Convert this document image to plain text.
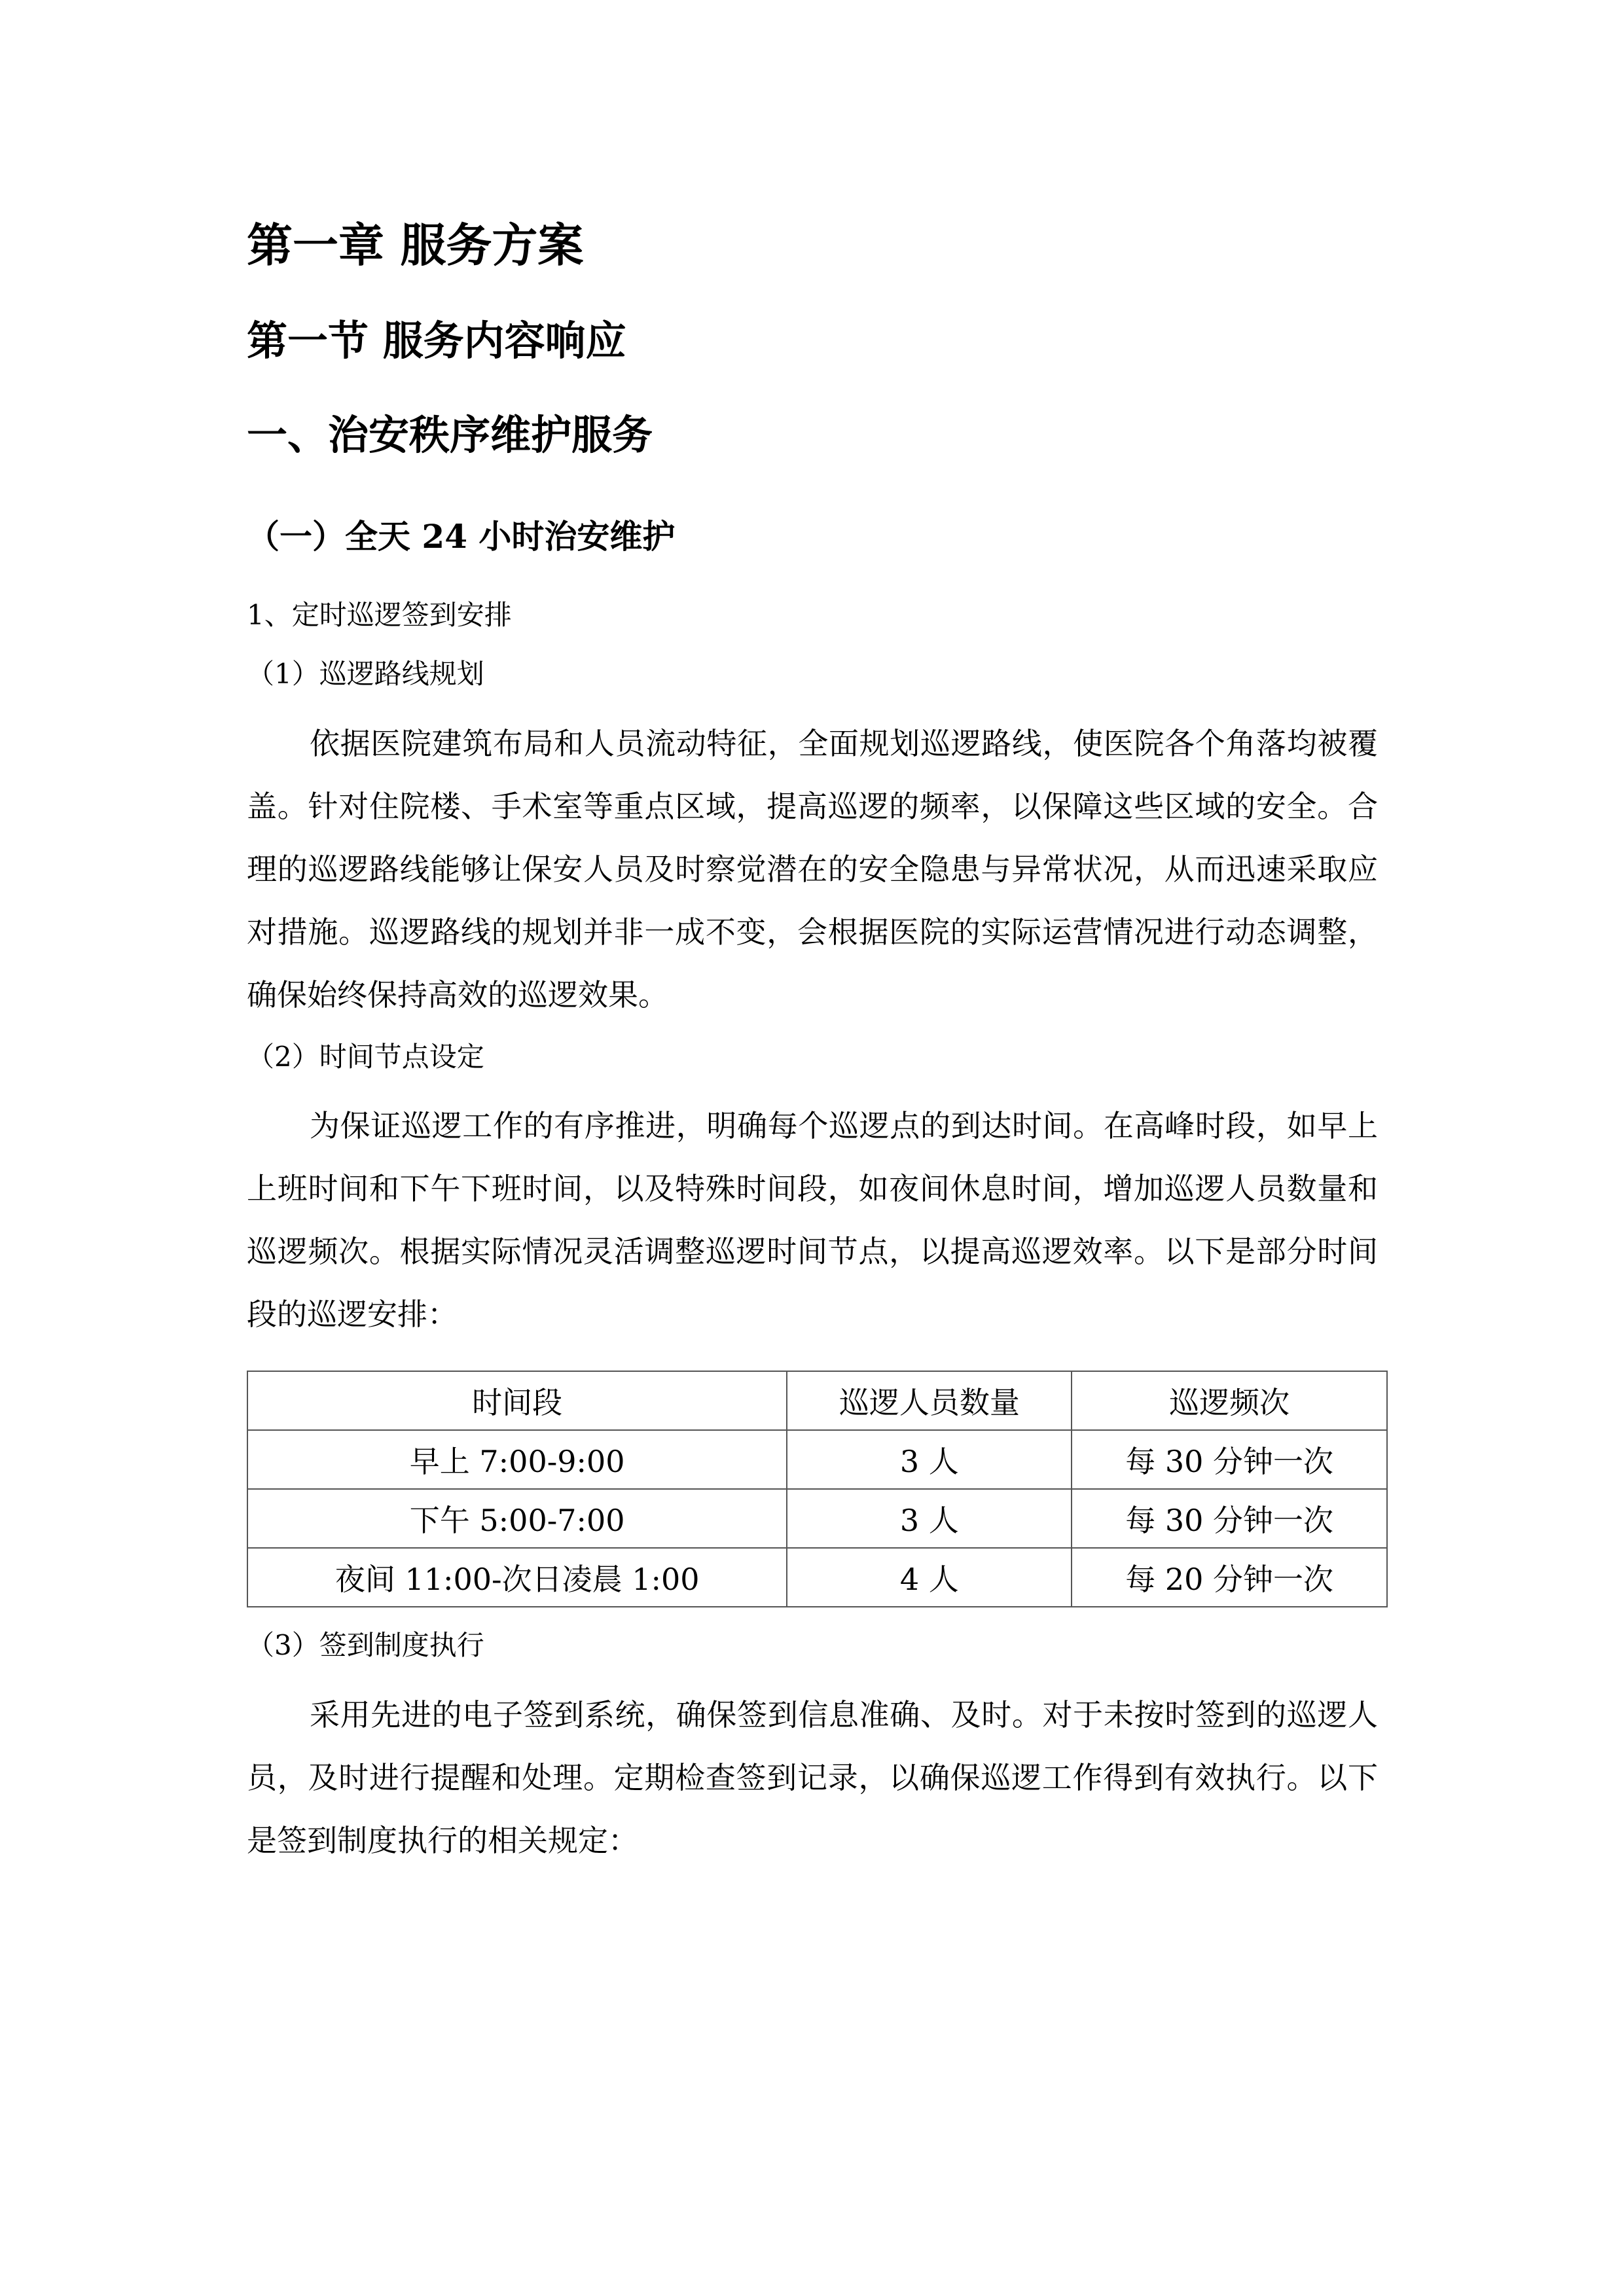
第一章 服务方案
第一节 服务内容响应
一、治安秩序维护服务
（一）全天 24 小时治安维护

1、定时巡逻签到安排

（1）巡逻路线规划

依据医院建筑布局和人员流动特征，全面规划巡逻路线，使医院各个角落均被覆盖。针对住院楼、手术室等重点区域，提高巡逻的频率，以保障这些区域的安全。合理的巡逻路线能够让保安人员及时察觉潜在的安全隐患与异常状况，从而迅速采取应对措施。巡逻路线的规划并非一成不变，会根据医院的实际运营情况进行动态调整，确保始终保持高效的巡逻效果。

（2）时间节点设定

为保证巡逻工作的有序推进，明确每个巡逻点的到达时间。在高峰时段，如早上上班时间和下午下班时间，以及特殊时间段，如夜间休息时间，增加巡逻人员数量和巡逻频次。根据实际情况灵活调整巡逻时间节点，以提高巡逻效率。以下是部分时间段的巡逻安排：

时间段	巡逻人员数量	巡逻频次
早上 7:00-9:00	3 人	每 30 分钟一次
下午 5:00-7:00	3 人	每 30 分钟一次
夜间 11:00-次日凌晨 1:00	4 人	每 20 分钟一次

（3）签到制度执行

采用先进的电子签到系统，确保签到信息准确、及时。对于未按时签到的巡逻人员，及时进行提醒和处理。定期检查签到记录，以确保巡逻工作得到有效执行。以下是签到制度执行的相关规定：
